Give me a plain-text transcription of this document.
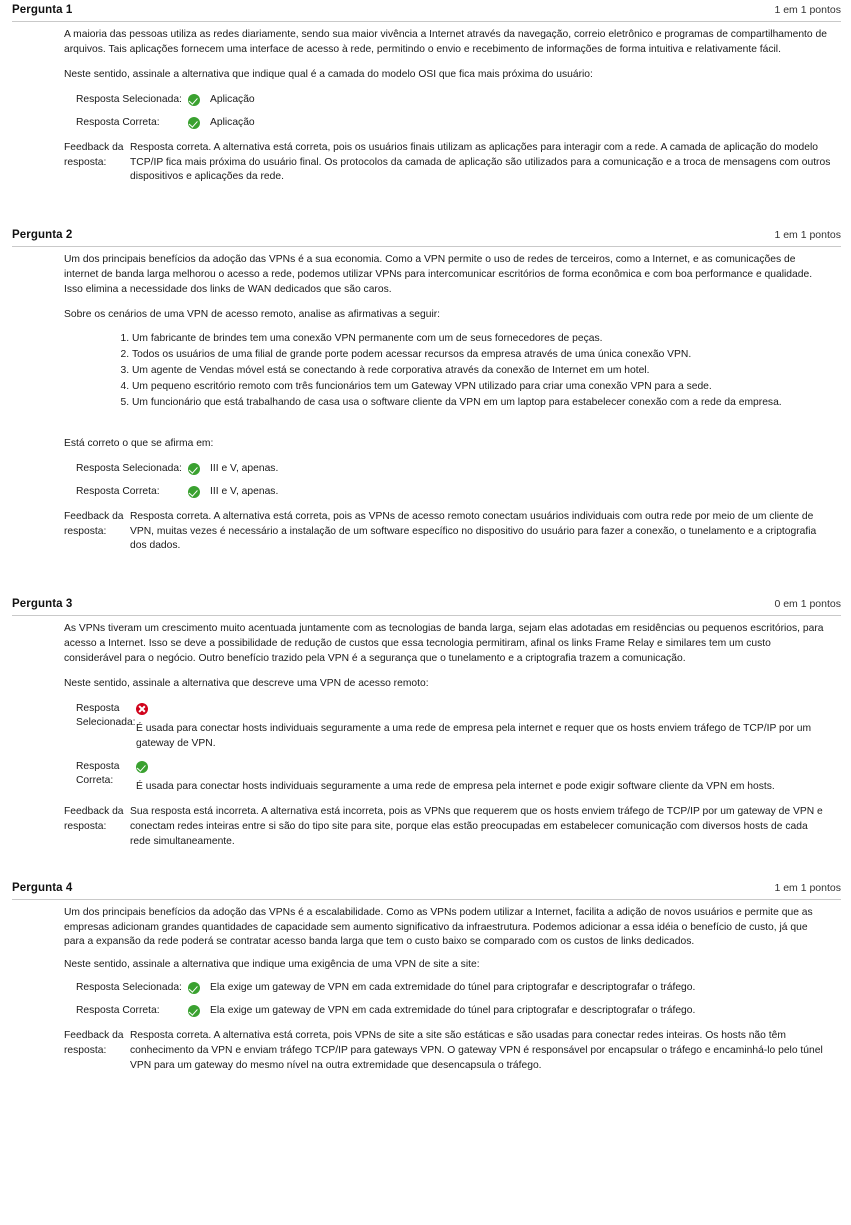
Pergunta 1	1 em 1 pontos

A maioria das pessoas utiliza as redes diariamente, sendo sua maior vivência a Internet através da navegação, correio eletrônico e programas de compartilhamento de arquivos. Tais aplicações fornecem uma interface de acesso à rede, permitindo o envio e recebimento de informações de forma intuitiva e relativamente fácil.

Neste sentido, assinale a alternativa que indique qual é a camada do modelo OSI que fica mais próxima do usuário:

Resposta Selecionada:	Aplicação
Resposta Correta:	Aplicação
Feedback da resposta:
Resposta correta. A alternativa está correta, pois os usuários finais utilizam as aplicações para interagir com a rede. A camada de aplicação do modelo TCP/IP fica mais próxima do usuário final. Os protocolos da camada de aplicação são utilizados para a comunicação e a troca de mensagens com outros dispositivos e aplicações da rede.
Pergunta 2	1 em 1 pontos

Um dos principais benefícios da adoção das VPNs é a sua economia. Como a VPN permite o uso de redes de terceiros, como a Internet, e as comunicações de internet de banda larga melhorou o acesso a rede, podemos utilizar VPNs para intercomunicar escritórios de forma econômica e com boa performance e qualidade. Isso elimina a necessidade dos links de WAN dedicados que são caros.

Sobre os cenários de uma VPN de acesso remoto, analise as afirmativas a seguir:

1. Um fabricante de brindes tem uma conexão VPN permanente com um de seus fornecedores de peças.
2. Todos os usuários de uma filial de grande porte podem acessar recursos da empresa através de uma única conexão VPN.
3. Um agente de Vendas móvel está se conectando à rede corporativa através da conexão de Internet em um hotel.
4. Um pequeno escritório remoto com três funcionários tem um Gateway VPN utilizado para criar uma conexão VPN para a sede.
5. Um funcionário que está trabalhando de casa usa o software cliente da VPN em um laptop para estabelecer conexão com a rede da empresa.

Está correto o que se afirma em:

Resposta Selecionada:	III e V, apenas.
Resposta Correta:	III e V, apenas.
Feedback da resposta:
Resposta correta. A alternativa está correta, pois as VPNs de acesso remoto conectam usuários individuais com outra rede por meio de um cliente de VPN, muitas vezes é necessário a instalação de um software específico no dispositivo do usuário para fazer a conexão, o tunelamento e a criptografia dos dados.
Pergunta 3	0 em 1 pontos

As VPNs tiveram um crescimento muito acentuada juntamente com as tecnologias de banda larga, sejam elas adotadas em residências ou pequenos escritórios, para acesso a Internet. Isso se deve a possibilidade de redução de custos que essa tecnologia permitiram, afinal os links Frame Relay e similares tem um custo considerável para o negócio. Outro benefício trazido pela VPN é a segurança que o tunelamento e a criptografia trazem a comunicação.

Neste sentido, assinale a alternativa que descreve uma VPN de acesso remoto:

Resposta Selecionada:
É usada para conectar hosts individuais seguramente a uma rede de empresa pela internet e requer que os hosts enviem tráfego de TCP/IP por um gateway de VPN.
Resposta Correta:
É usada para conectar hosts individuais seguramente a uma rede de empresa pela internet e pode exigir software cliente da VPN em hosts.
Feedback da resposta:
Sua resposta está incorreta. A alternativa está incorreta, pois as VPNs que requerem que os hosts enviem tráfego de TCP/IP por um gateway de VPN e conectam redes inteiras entre si são do tipo site para site, porque elas estão preocupadas em estabelecer comunicação com diversos hosts de cada rede simultaneamente.
Pergunta 4	1 em 1 pontos

Um dos principais benefícios da adoção das VPNs é a escalabilidade. Como as VPNs podem utilizar a Internet, facilita a adição de novos usuários e permite que as empresas adicionam grandes quantidades de capacidade sem aumento significativo da infraestrutura. Podemos adicionar a essa idéia o benefício de custo, já que para a expansão da rede poderá se contratar acesso banda larga que tem o custo baixo se comparado com os custos de links dedicados.

Neste sentido, assinale a alternativa que indique uma exigência de uma VPN de site a site:

Resposta Selecionada:	Ela exige um gateway de VPN em cada extremidade do túnel para criptografar e descriptografar o tráfego.
Resposta Correta:	Ela exige um gateway de VPN em cada extremidade do túnel para criptografar e descriptografar o tráfego.
Feedback da resposta:
Resposta correta. A alternativa está correta, pois VPNs de site a site são estáticas e são usadas para conectar redes inteiras. Os hosts não têm conhecimento da VPN e enviam tráfego TCP/IP para gateways VPN. O gateway VPN é responsável por encapsular o tráfego e encaminhá-lo pelo túnel VPN para um gateway do mesmo nível na outra extremidade que desencapsula o tráfego.
